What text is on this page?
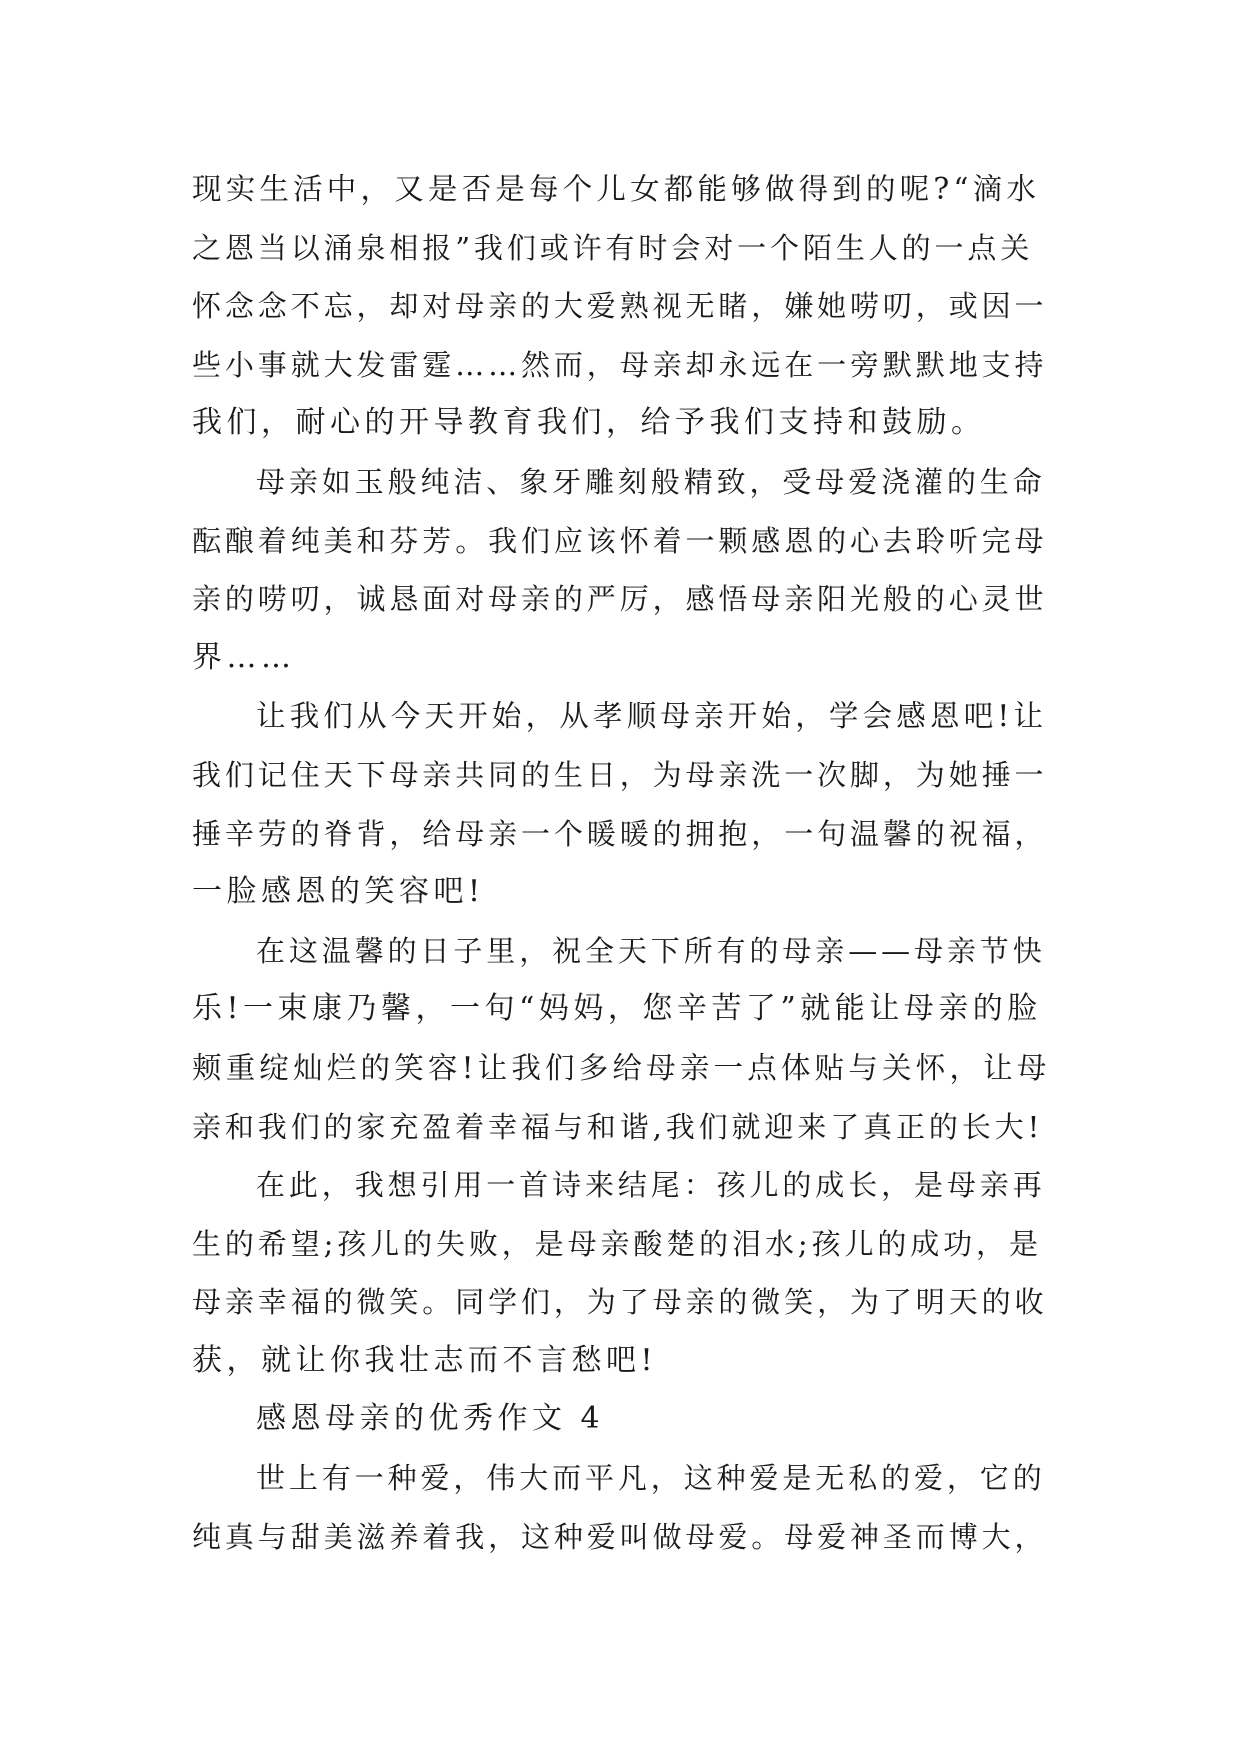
现实生活中，又是否是每个儿女都能够做得到的呢?“滴水
之恩当以涌泉相报”我们或许有时会对一个陌生人的一点关
怀念念不忘，却对母亲的大爱熟视无睹，嫌她唠叨，或因一
些小事就大发雷霆……然而，母亲却永远在一旁默默地支持
我们，耐心的开导教育我们，给予我们支持和鼓励。
母亲如玉般纯洁、象牙雕刻般精致，受母爱浇灌的生命
酝酿着纯美和芬芳。我们应该怀着一颗感恩的心去聆听完母
亲的唠叨，诚恳面对母亲的严厉，感悟母亲阳光般的心灵世
界……
让我们从今天开始，从孝顺母亲开始，学会感恩吧!让
我们记住天下母亲共同的生日，为母亲洗一次脚，为她捶一
捶辛劳的脊背，给母亲一个暖暖的拥抱，一句温馨的祝福，
一脸感恩的笑容吧!
在这温馨的日子里，祝全天下所有的母亲——母亲节快
乐!一束康乃馨，一句“妈妈，您辛苦了”就能让母亲的脸
颊重绽灿烂的笑容!让我们多给母亲一点体贴与关怀，让母
亲和我们的家充盈着幸福与和谐,我们就迎来了真正的长大!
在此，我想引用一首诗来结尾：孩儿的成长，是母亲再
生的希望;孩儿的失败，是母亲酸楚的泪水;孩儿的成功，是
母亲幸福的微笑。同学们，为了母亲的微笑，为了明天的收
获，就让你我壮志而不言愁吧!
感恩母亲的优秀作文 4
世上有一种爱，伟大而平凡，这种爱是无私的爱，它的
纯真与甜美滋养着我，这种爱叫做母爱。母爱神圣而博大，
